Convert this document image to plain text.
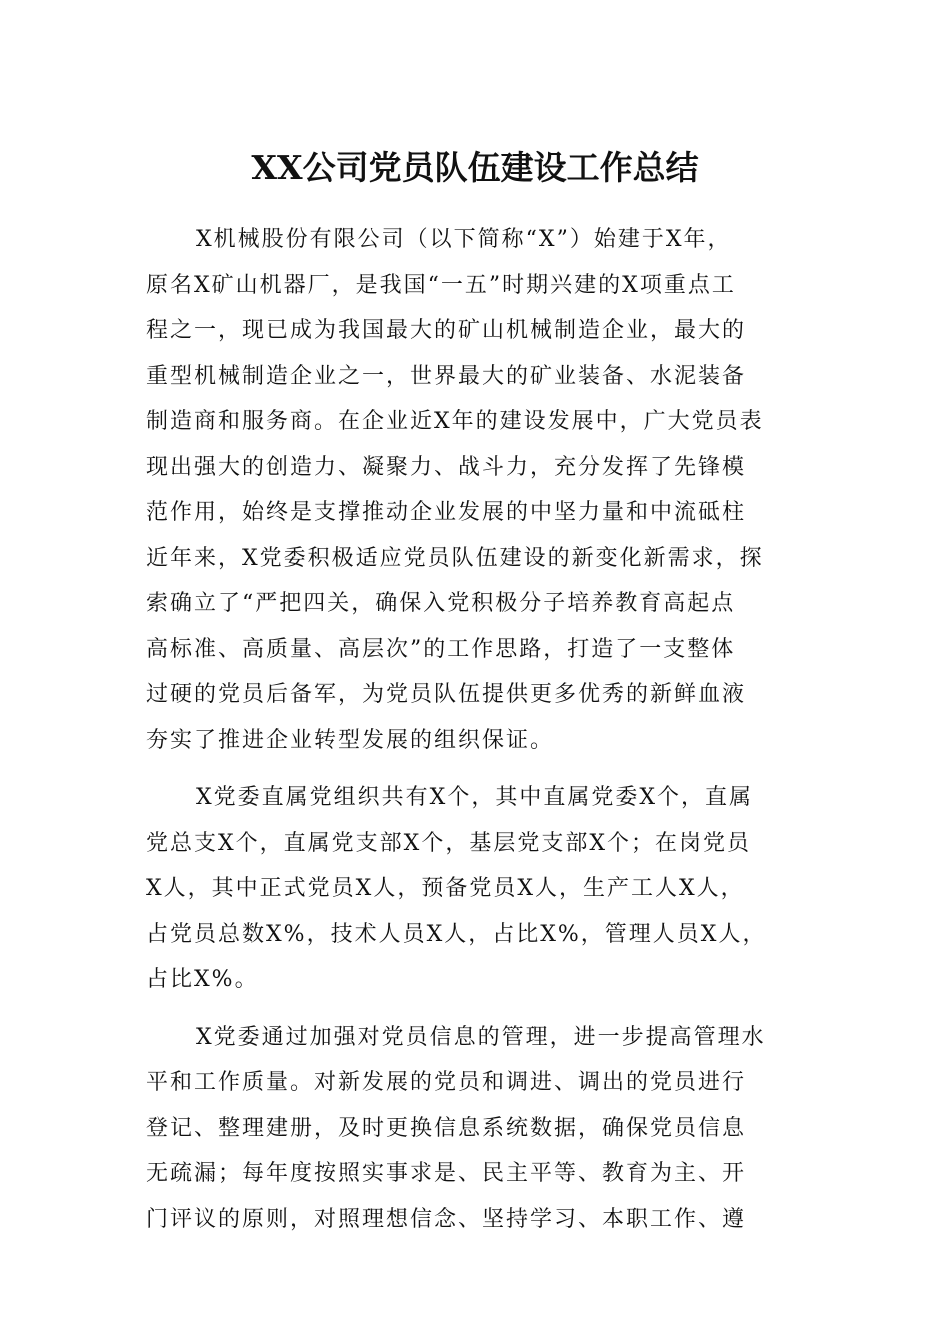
XX公司党员队伍建设工作总结
X机械股份有限公司（以下简称“X”）始建于X年，
原名X矿山机器厂，是我国“一五”时期兴建的X项重点工
程之一，现已成为我国最大的矿山机械制造企业，最大的
重型机械制造企业之一，世界最大的矿业装备、水泥装备
制造商和服务商。在企业近X年的建设发展中，广大党员表
现出强大的创造力、凝聚力、战斗力，充分发挥了先锋模
范作用，始终是支撑推动企业发展的中坚力量和中流砥柱
近年来，X党委积极适应党员队伍建设的新变化新需求，探
索确立了“严把四关，确保入党积极分子培养教育高起点
高标准、高质量、高层次”的工作思路，打造了一支整体
过硬的党员后备军，为党员队伍提供更多优秀的新鲜血液
夯实了推进企业转型发展的组织保证。
X党委直属党组织共有X个，其中直属党委X个，直属
党总支X个，直属党支部X个，基层党支部X个；在岗党员
X人，其中正式党员X人，预备党员X人，生产工人X人，
占党员总数X%，技术人员X人，占比X%，管理人员X人，
占比X%。
X党委通过加强对党员信息的管理，进一步提高管理水
平和工作质量。对新发展的党员和调进、调出的党员进行
登记、整理建册，及时更换信息系统数据，确保党员信息
无疏漏；每年度按照实事求是、民主平等、教育为主、开
门评议的原则，对照理想信念、坚持学习、本职工作、遵
